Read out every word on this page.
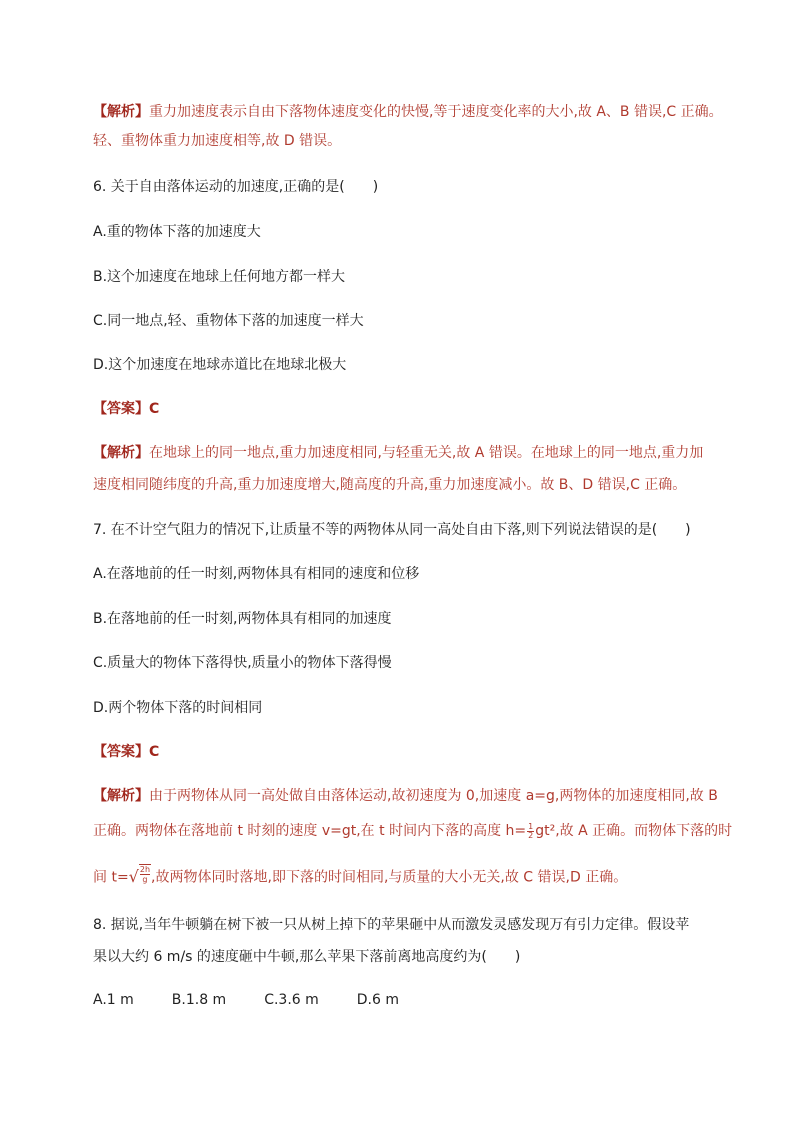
【解析】重力加速度表示自由下落物体速度变化的快慢,等于速度变化率的大小,故 A、B 错误,C 正确。
轻、重物体重力加速度相等,故 D 错误。
6. 关于自由落体运动的加速度,正确的是(　　)
A.重的物体下落的加速度大
B.这个加速度在地球上任何地方都一样大
C.同一地点,轻、重物体下落的加速度一样大
D.这个加速度在地球赤道比在地球北极大
【答案】C
【解析】在地球上的同一地点,重力加速度相同,与轻重无关,故 A 错误。在地球上的同一地点,重力加
速度相同随纬度的升高,重力加速度增大,随高度的升高,重力加速度减小。故 B、D 错误,C 正确。
7. 在不计空气阻力的情况下,让质量不等的两物体从同一高处自由下落,则下列说法错误的是(　　)
A.在落地前的任一时刻,两物体具有相同的速度和位移
B.在落地前的任一时刻,两物体具有相同的加速度
C.质量大的物体下落得快,质量小的物体下落得慢
D.两个物体下落的时间相同
【答案】C
【解析】由于两物体从同一高处做自由落体运动,故初速度为 0,加速度 a=g,两物体的加速度相同,故 B
正确。两物体在落地前 t 时刻的速度 v=gt,在 t 时间内下落的高度 $h= \frac{1}{2} gt^2$,故 A 正确。而物体下落的时
间 $t=√ \frac{2h}{g}$ ,故两物体同时落地,即下落的时间相同,与质量的大小无关,故 C 错误,D 正确。
8. 据说,当年牛顿躺在树下被一只从树上掉下的苹果砸中从而激发灵感发现万有引力定律。假设苹
果以大约 6 m/s 的速度砸中牛顿,那么苹果下落前离地高度约为(　　)
A.1 m	B.1.8 m	C.3.6 m	D.6 m
